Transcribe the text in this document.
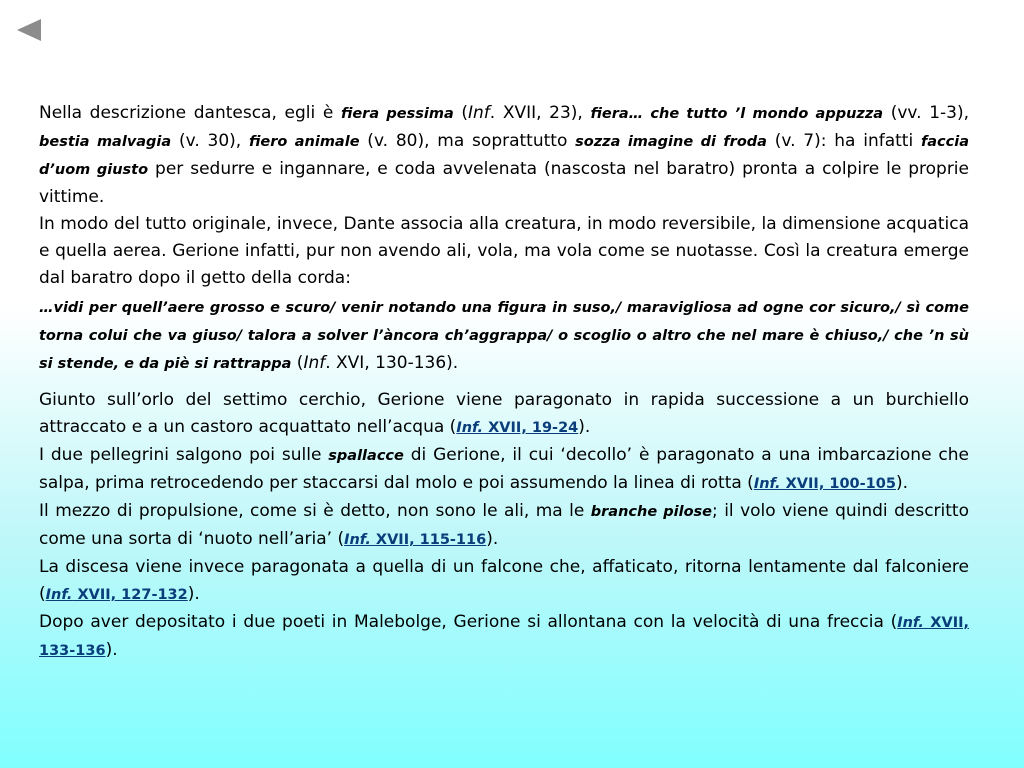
Nella descrizione dantesca, egli è fiera pessima (Inf. XVII, 23), fiera… che tutto ’l mondo appuzza (vv. 1-3), bestia malvagia (v. 30), fiero animale (v. 80), ma soprattutto sozza imagine di froda (v. 7): ha infatti faccia d’uom giusto per sedurre e ingannare, e coda avvelenata (nascosta nel baratro) pronta a colpire le proprie vittime.

In modo del tutto originale, invece, Dante associa alla creatura, in modo reversibile, la dimensione acquatica e quella aerea. Gerione infatti, pur non avendo ali, vola, ma vola come se nuotasse. Così la creatura emerge dal baratro dopo il getto della corda:

…vidi per quell’aere grosso e scuro/ venir notando una figura in suso,/ maravigliosa ad ogne cor sicuro,/ sì come torna colui che va giuso/ talora a solver l’àncora ch’aggrappa/ o scoglio o altro che nel mare è chiuso,/ che ’n sù si stende, e da piè si rattrappa (Inf. XVI, 130-136).

Giunto sull’orlo del settimo cerchio, Gerione viene paragonato in rapida successione a un burchiello attraccato e a un castoro acquattato nell’acqua (Inf. XVII, 19-24).

I due pellegrini salgono poi sulle spallacce di Gerione, il cui ‘decollo’ è paragonato a una imbarcazione che salpa, prima retrocedendo per staccarsi dal molo e poi assumendo la linea di rotta (Inf. XVII, 100-105).

Il mezzo di propulsione, come si è detto, non sono le ali, ma le branche pilose; il volo viene quindi descritto come una sorta di ‘nuoto nell’aria’ (Inf. XVII, 115-116).

La discesa viene invece paragonata a quella di un falcone che, affaticato, ritorna lentamente dal falconiere (Inf. XVII, 127-132).

Dopo aver depositato i due poeti in Malebolge, Gerione si allontana con la velocità di una freccia (Inf. XVII, 133-136).
